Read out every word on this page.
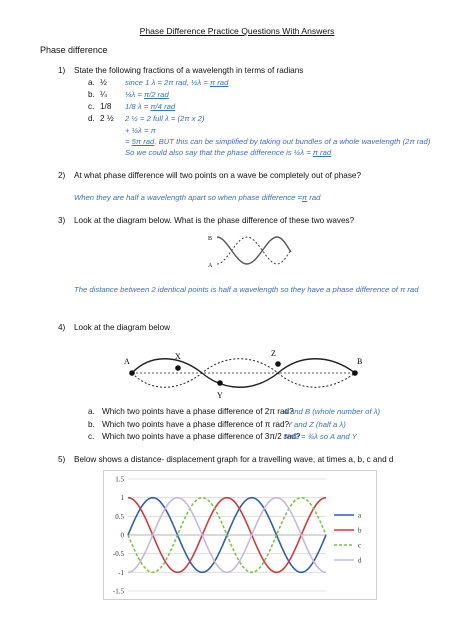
Phase Difference Practice Questions With Answers
Phase difference
1) State the following fractions of a wavelength in terms of radians
a. ½ since 1 λ = 2π rad, ½λ = π rad
b. ¼ ¼λ = π/2 rad
c. 1/8 1/8 λ = π/4 rad
d. 2 ½ 2 ½ = 2 full λ = (2π x 2)
+ ½λ = π
= 5π rad. BUT this can be simplified by taking out bundles of a whole wavelength (2π rad)
So we could also say that the phase difference is ½λ = π rad
2) At what phase difference will two points on a wave be completely out of phase?
When they are half a wavelength apart so when phase difference =π rad
3) Look at the diagram below. What is the phase difference of these two waves?
B
A
The distance between 2 identical points is half a wavelength so they have a phase difference of π rad
4) Look at the diagram below
A
X	Z
B
Y
a. Which two points have a phase difference of 2π rad?
A and B (whole number of λ)
b. Which two points have a phase difference of π rad?
Y and Z (half a λ)
c. Which two points have a phase difference of 3π/2 rad?
3π/2 = ¾λ so A and Y
5) Below shows a distance- displacement graph for a travelling wave, at times a, b, c and d
1.5
1
0.5
0
-0.5
-1
-1.5
a
b
c
d
